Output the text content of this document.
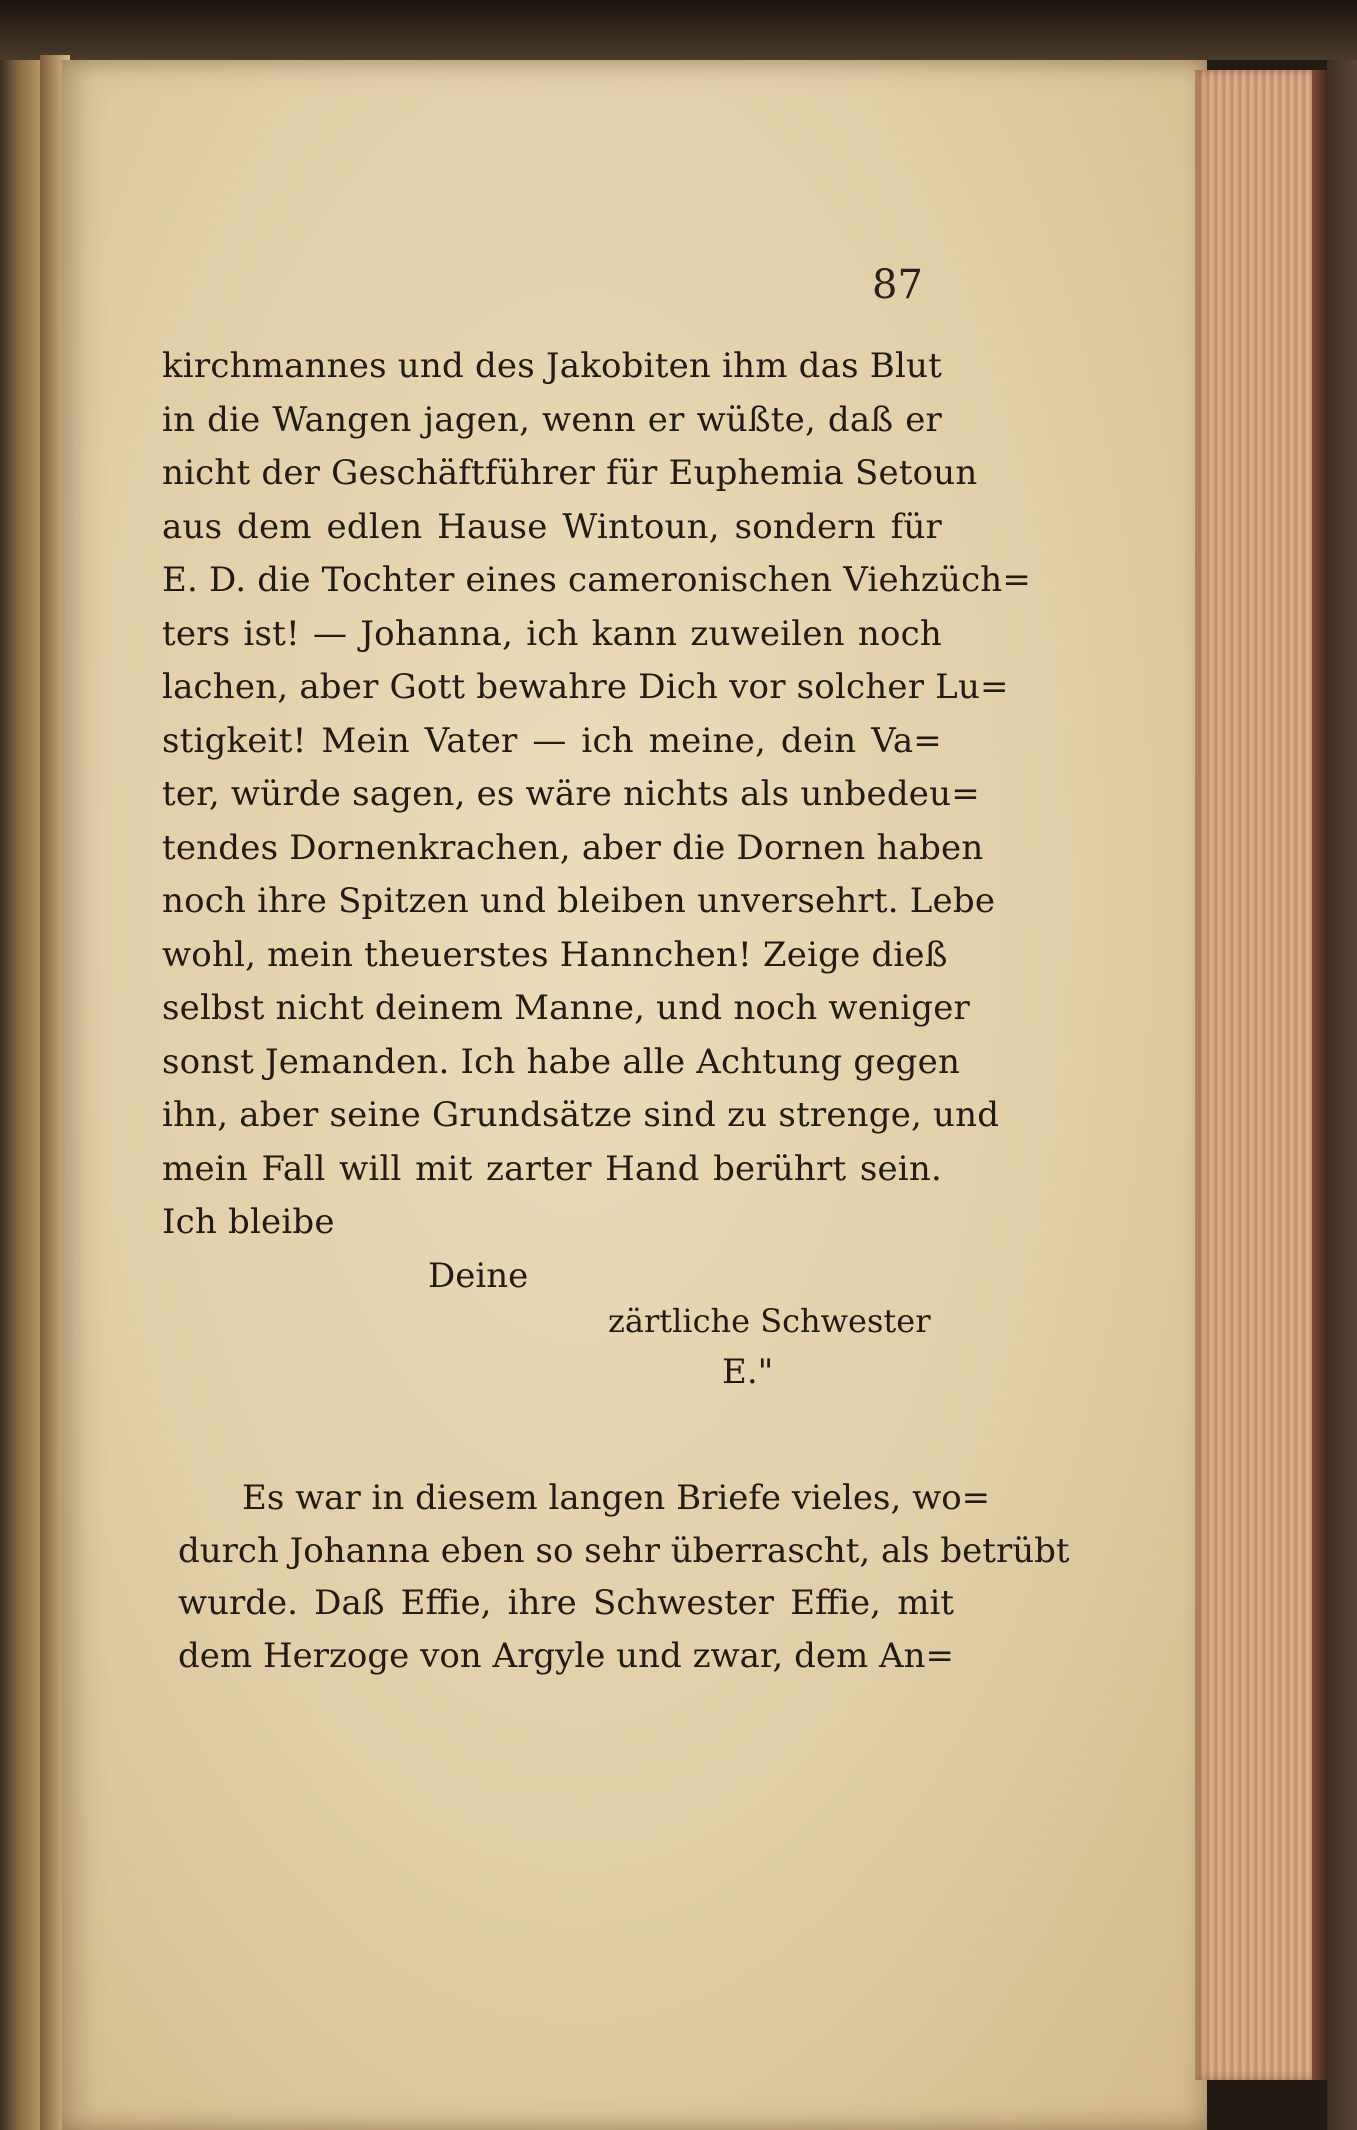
87
kirchmannes und des Jakobiten ihm das Blut
in die Wangen jagen, wenn er wüßte, daß er
nicht der Geschäftführer für Euphemia Setoun
aus dem edlen Hause Wintoun, sondern für
E. D. die Tochter eines cameronischen Viehzüch=
ters ist! — Johanna, ich kann zuweilen noch
lachen, aber Gott bewahre Dich vor solcher Lu=
stigkeit! Mein Vater — ich meine, dein Va=
ter, würde sagen, es wäre nichts als unbedeu=
tendes Dornenkrachen, aber die Dornen haben
noch ihre Spitzen und bleiben unversehrt. Lebe
wohl, mein theuerstes Hannchen! Zeige dieß
selbst nicht deinem Manne, und noch weniger
sonst Jemanden. Ich habe alle Achtung gegen
ihn, aber seine Grundsätze sind zu strenge, und
mein Fall will mit zarter Hand berührt sein.
Ich bleibe
Deine
zärtliche Schwester
E."
Es war in diesem langen Briefe vieles, wo=
durch Johanna eben so sehr überrascht, als betrübt
wurde. Daß Effie, ihre Schwester Effie, mit
dem Herzoge von Argyle und zwar, dem An=
